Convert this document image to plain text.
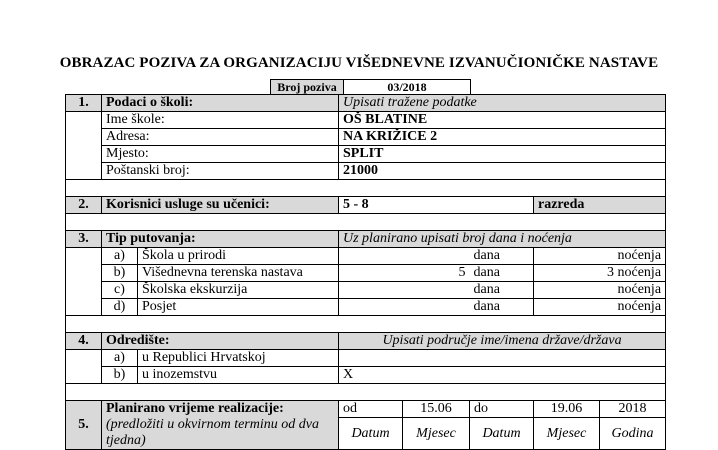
OBRAZAC POZIVA ZA ORGANIZACIJU VIŠEDNEVNE IZVANUČIONIČKE NASTAVE
Broj poziva	03/2018
1.	Podaci o školi:		Upisati tražene podatke				
	Ime škole:		OŠ BLATINE				
	Adresa:		NA KRIŽICE 2				
	Mjesto:		SPLIT				
	Poštanski broj:		21000				

2.	Korisnici usluge su učenici:		5 - 8			razreda	

3.	Tip putovanja:		Uz planirano upisati broj dana i noćenja				
	a)	Škola u prirodi			dana	noćenja	
	b)	Višednevna terenska nastava	5		dana	3 noćenja	
	c)	Školska ekskurzija			dana	noćenja	
	d)	Posjet			dana	noćenja	

4.	Odredište:		Upisati područje ime/imena države/država				
	a)	u Republici Hrvatskoj					
	b)	u inozemstvu	X				

5.	Planirano vrijeme realizacije:
(predložiti u okvirnom terminu od dva
tjedna)		od	15.06	do	19.06	2018
			Datum	Mjesec	Datum	Mjesec	Godina
